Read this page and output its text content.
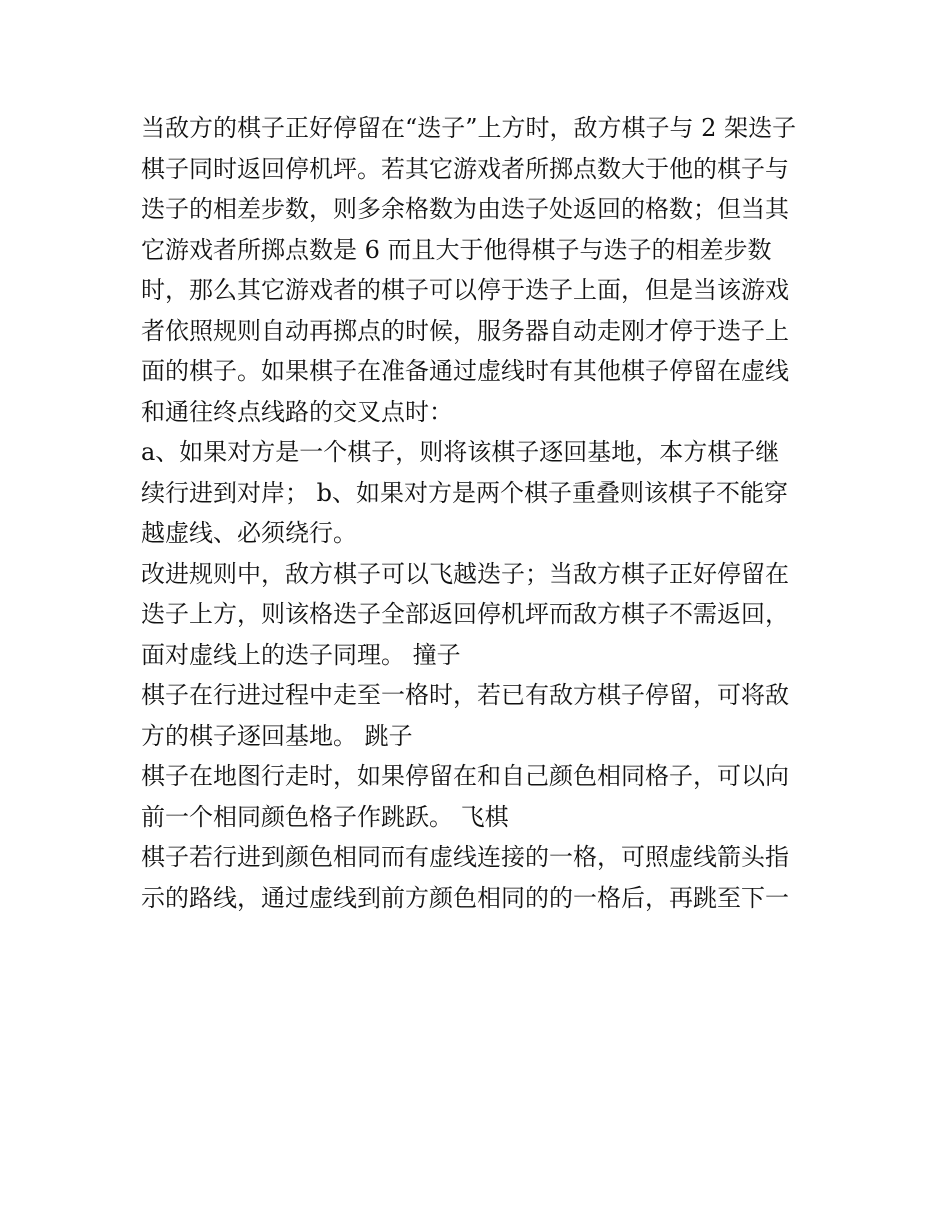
当敌方的棋子正好停留在“迭子”上方时，敌方棋子与 2 架迭子
棋子同时返回停机坪。若其它游戏者所掷点数大于他的棋子与
迭子的相差步数，则多余格数为由迭子处返回的格数；但当其
它游戏者所掷点数是 6 而且大于他得棋子与迭子的相差步数
时，那么其它游戏者的棋子可以停于迭子上面，但是当该游戏
者依照规则自动再掷点的时候，服务器自动走刚才停于迭子上
面的棋子。如果棋子在准备通过虚线时有其他棋子停留在虚线
和通往终点线路的交叉点时：
a、如果对方是一个棋子，则将该棋子逐回基地，本方棋子继
续行进到对岸； b、如果对方是两个棋子重叠则该棋子不能穿
越虚线、必须绕行。
改进规则中，敌方棋子可以飞越迭子；当敌方棋子正好停留在
迭子上方，则该格迭子全部返回停机坪而敌方棋子不需返回，
面对虚线上的迭子同理。 撞子
棋子在行进过程中走至一格时，若已有敌方棋子停留，可将敌
方的棋子逐回基地。 跳子
棋子在地图行走时，如果停留在和自己颜色相同格子，可以向
前一个相同颜色格子作跳跃。 飞棋
棋子若行进到颜色相同而有虚线连接的一格，可照虚线箭头指
示的路线，通过虚线到前方颜色相同的的一格后，再跳至下一
